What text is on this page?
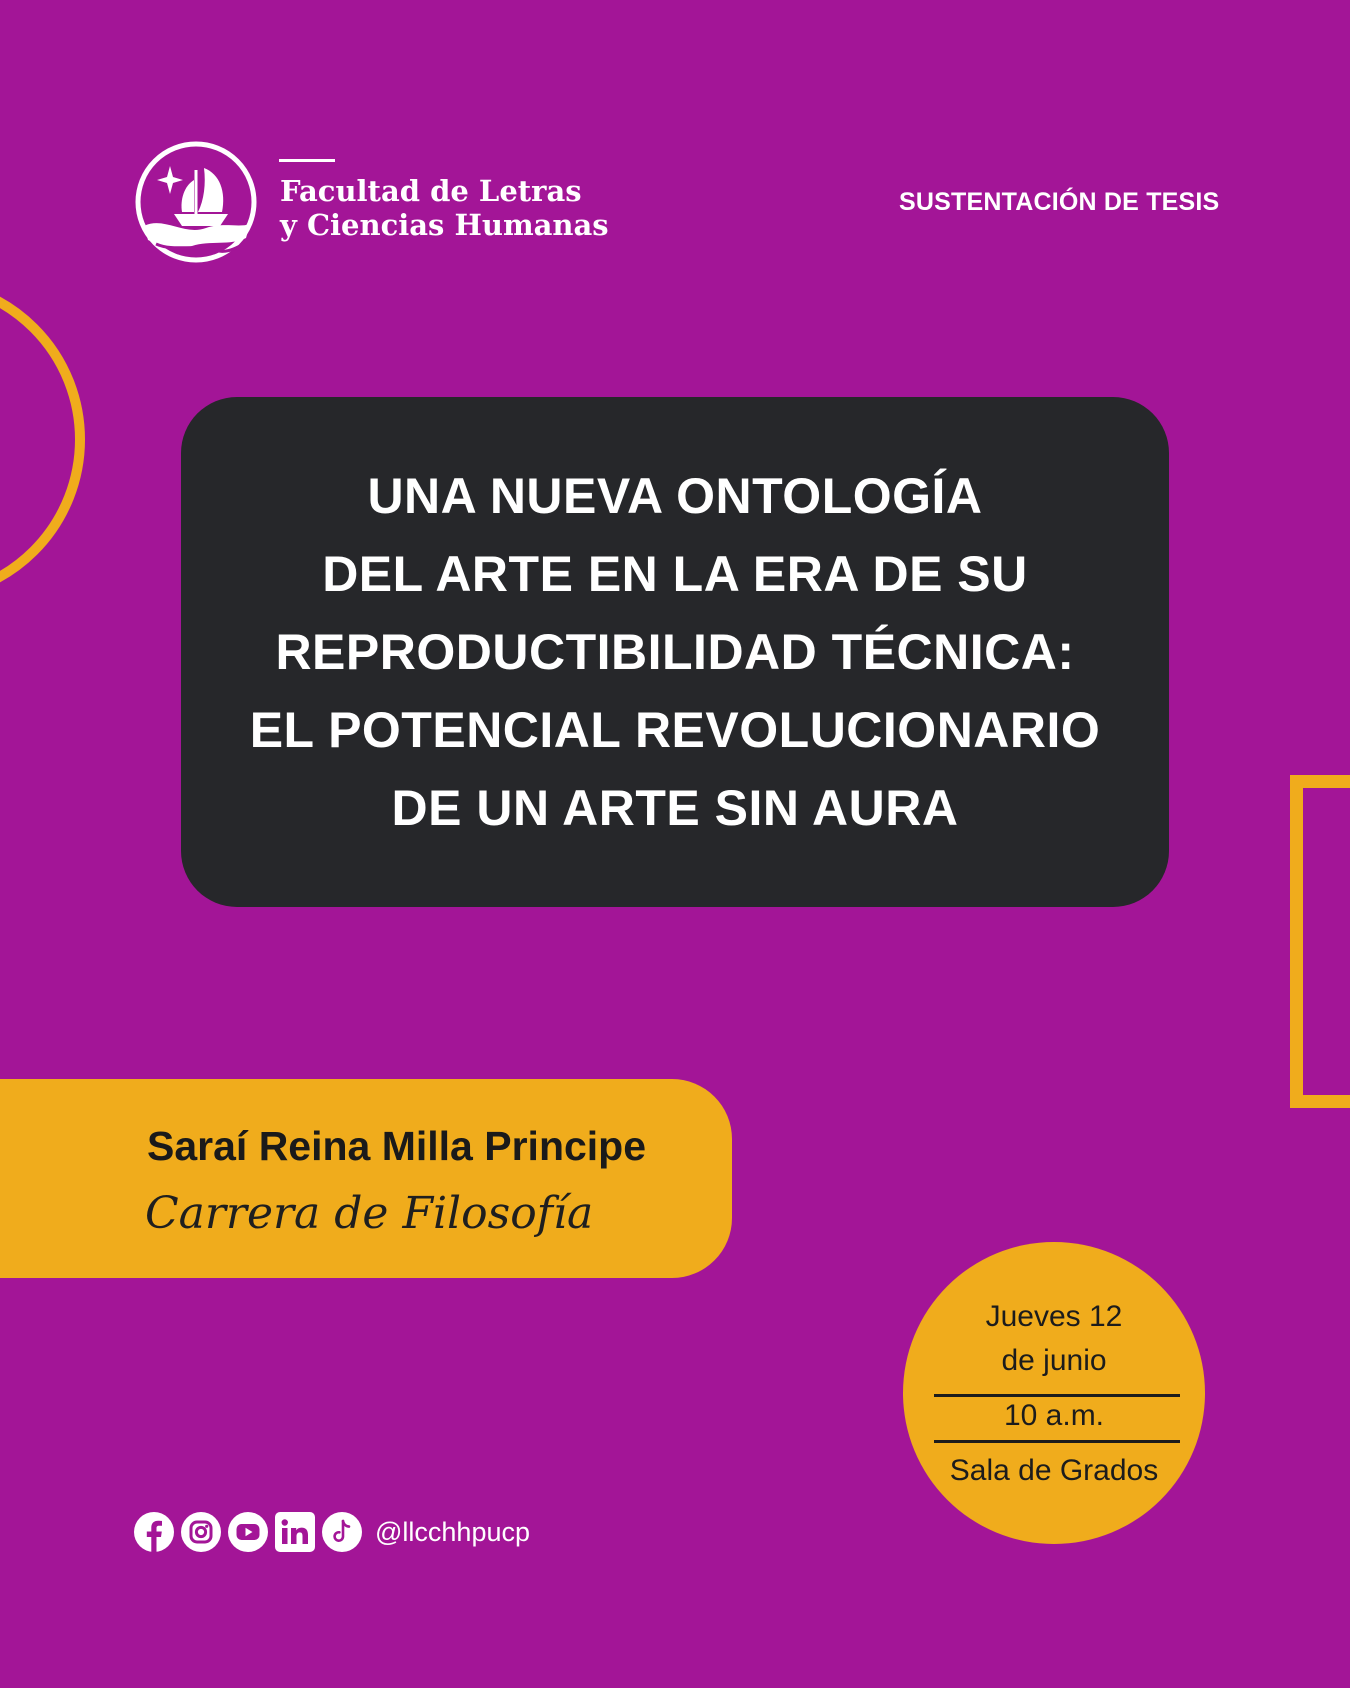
Facultad de Letras
y Ciencias Humanas
SUSTENTACIÓN DE TESIS
UNA NUEVA ONTOLOGÍA
DEL ARTE EN LA ERA DE SU
REPRODUCTIBILIDAD TÉCNICA:
EL POTENCIAL REVOLUCIONARIO
DE UN ARTE SIN AURA
Saraí Reina Milla Principe
Carrera de Filosofía
Jueves 12
de junio
10 a.m.
Sala de Grados
@llcchhpucp
